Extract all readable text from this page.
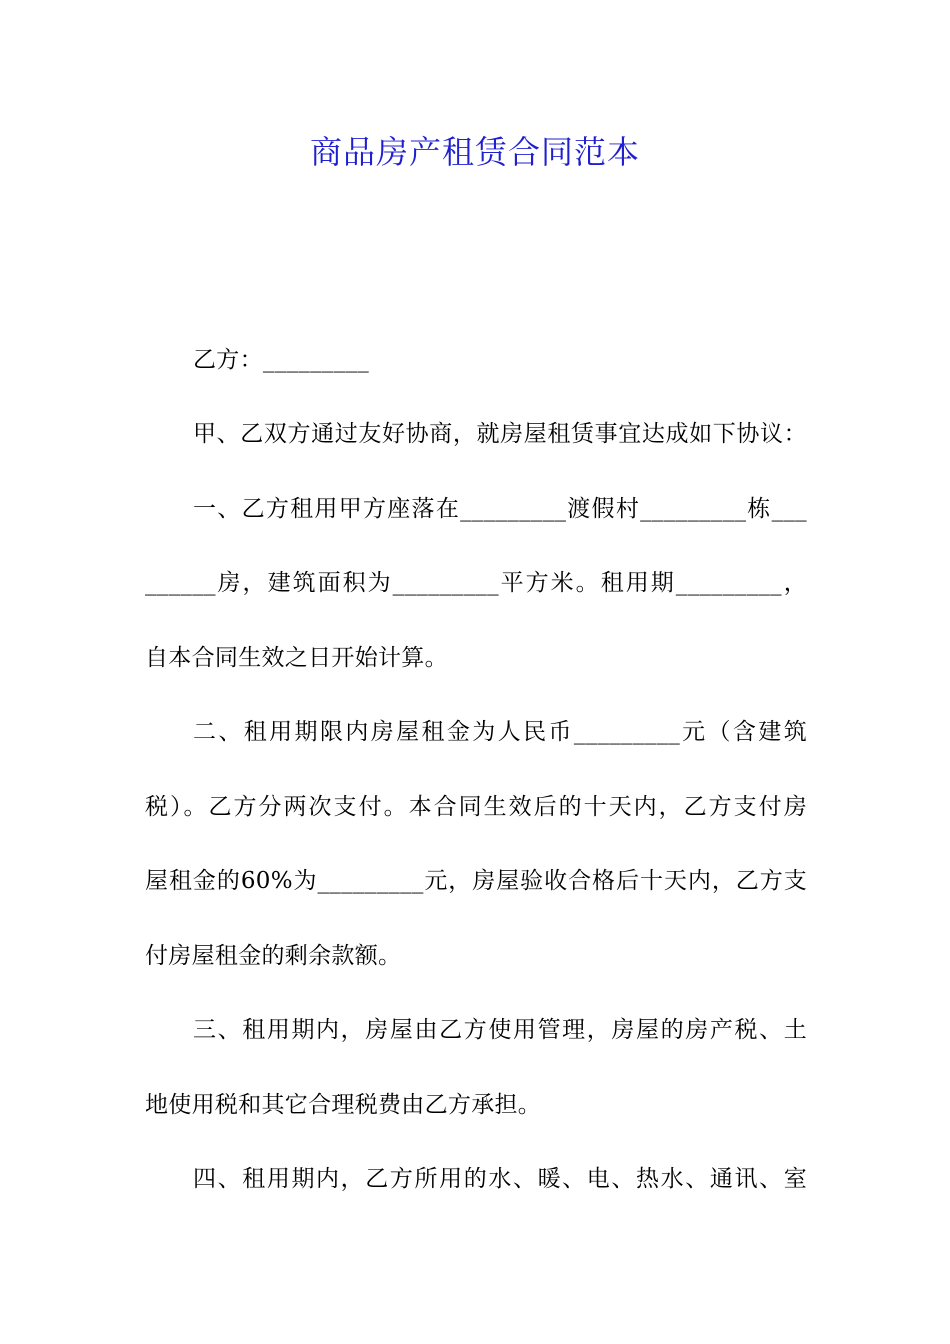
商品房产租赁合同范本
乙方：_________
甲、乙双方通过友好协商，就房屋租赁事宜达成如下协议：
一、乙方租用甲方座落在_________渡假村_________栋___
______房，建筑面积为_________平方米。租用期_________，
自本合同生效之日开始计算。
二、租用期限内房屋租金为人民币_________元（含建筑
税）。乙方分两次支付。本合同生效后的十天内，乙方支付房
屋租金的60%为_________元，房屋验收合格后十天内，乙方支
付房屋租金的剩余款额。
三、租用期内，房屋由乙方使用管理，房屋的房产税、土
地使用税和其它合理税费由乙方承担。
四、租用期内，乙方所用的水、暖、电、热水、通讯、室
